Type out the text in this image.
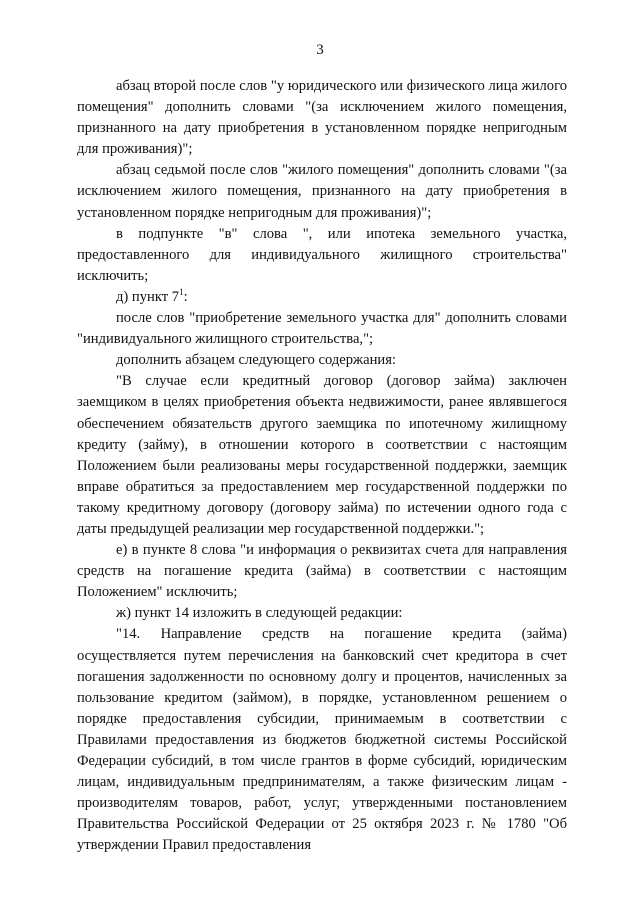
3

абзац второй после слов "у юридического или физического лица жилого помещения" дополнить словами "(за исключением жилого помещения, признанного на дату приобретения в установленном порядке непригодным для проживания)";

абзац седьмой после слов "жилого помещения" дополнить словами "(за исключением жилого помещения, признанного на дату приобретения в установленном порядке непригодным для проживания)";

в подпункте "в" слова ", или ипотека земельного участка, предоставленного для индивидуального жилищного строительства" исключить;

д) пункт $7^1$:

после слов "приобретение земельного участка для" дополнить словами "индивидуального жилищного строительства,";

дополнить абзацем следующего содержания:

"В случае если кредитный договор (договор займа) заключен заемщиком в целях приобретения объекта недвижимости, ранее являвшегося обеспечением обязательств другого заемщика по ипотечному жилищному кредиту (займу), в отношении которого в соответствии с настоящим Положением были реализованы меры государственной поддержки, заемщик вправе обратиться за предоставлением мер государственной поддержки по такому кредитному договору (договору займа) по истечении одного года с даты предыдущей реализации мер государственной поддержки.";

е) в пункте 8 слова "и информация о реквизитах счета для направления средств на погашение кредита (займа) в соответствии с настоящим Положением" исключить;

ж) пункт 14 изложить в следующей редакции:

"14. Направление средств на погашение кредита (займа) осуществляется путем перечисления на банковский счет кредитора в счет погашения задолженности по основному долгу и процентов, начисленных за пользование кредитом (займом), в порядке, установленном решением о порядке предоставления субсидии, принимаемым в соответствии с Правилами предоставления из бюджетов бюджетной системы Российской Федерации субсидий, в том числе грантов в форме субсидий, юридическим лицам, индивидуальным предпринимателям, а также физическим лицам - производителям товаров, работ, услуг, утвержденными постановлением Правительства Российской Федерации от 25 октября 2023 г. № 1780 "Об утверждении Правил предоставления
